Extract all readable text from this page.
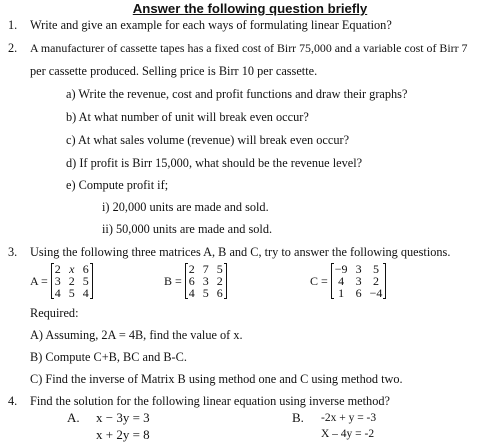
Answer the following question briefly
1. Write and give an example for each ways of formulating linear Equation?
2. A manufacturer of cassette tapes has a fixed cost of Birr 75,000 and a variable cost of Birr 7
per cassette produced. Selling price is Birr 10 per cassette.
a) Write the revenue, cost and profit functions and draw their graphs?
b) At what number of unit will break even occur?
c) At what sales volume (revenue) will break even occur?
d) If profit is Birr 15,000, what should be the revenue level?
e) Compute profit if;
i) 20,000 units are made and sold.
ii) 50,000 units are made and sold.
3. Using the following three matrices A, B and C, try to answer the following questions.
A =
2 x 6
3 2 5
4 5 4
B =
2 7 5
6 3 2
4 5 6
C =
−9 3 5
4 3 2
1 6 −4
Required:
A) Assuming, 2A = 4B, find the value of x.
B) Compute C+B, BC and B-C.
C) Find the inverse of Matrix B using method one and C using method two.
4. Find the solution for the following linear equation using inverse method?
A. x − 3y = 3
x + 2y = 8
B. -2x + y = -3
X – 4y = -2
